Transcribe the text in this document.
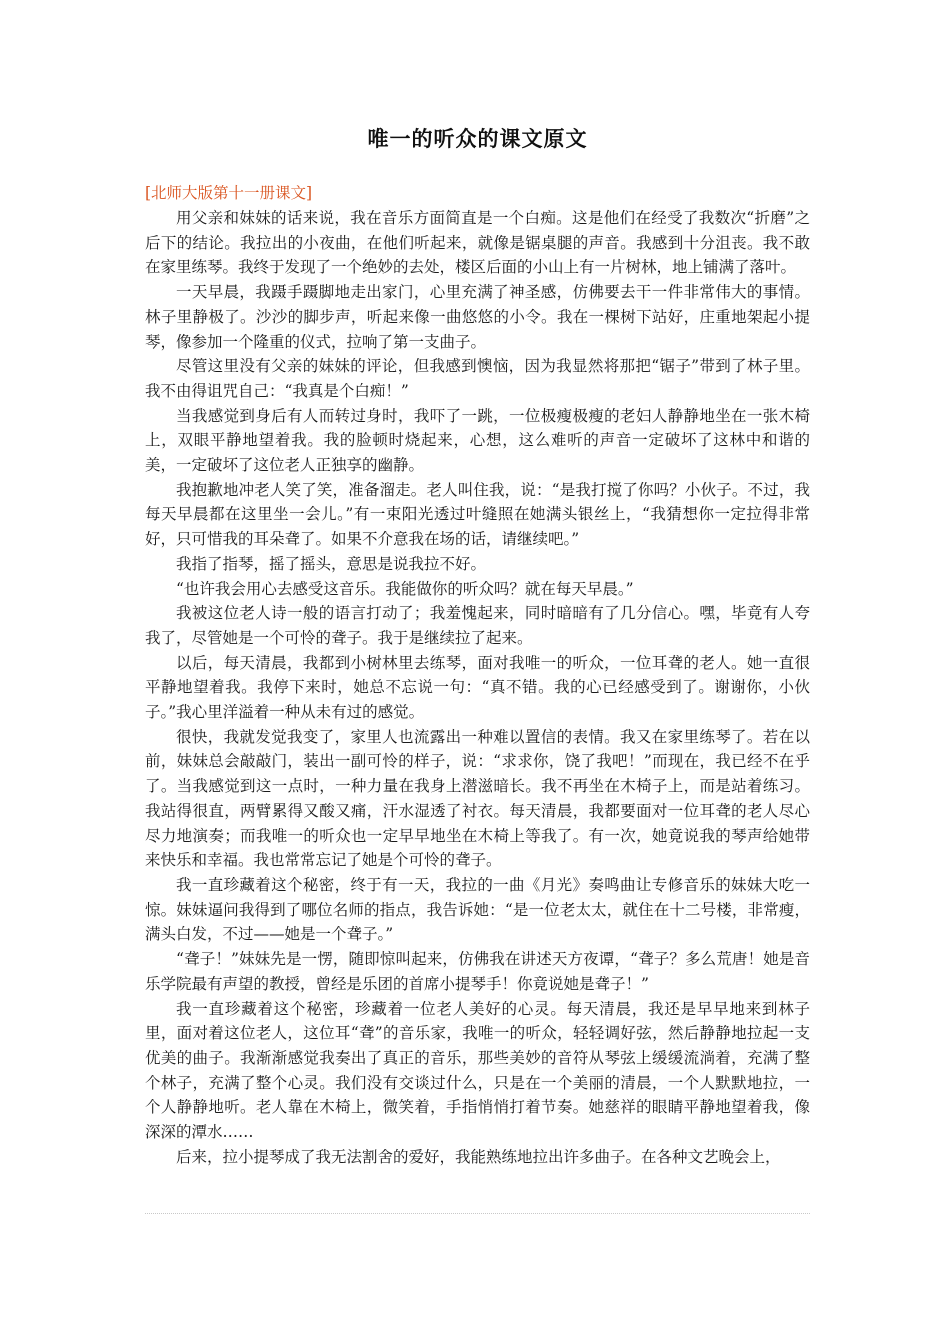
唯一的听众的课文原文

[北师大版第十一册课文]

用父亲和妹妹的话来说，我在音乐方面简直是一个白痴。这是他们在经受了我数次“折磨”之后下的结论。我拉出的小夜曲，在他们听起来，就像是锯桌腿的声音。我感到十分沮丧。我不敢在家里练琴。我终于发现了一个绝妙的去处，楼区后面的小山上有一片树林，地上铺满了落叶。

一天早晨，我蹑手蹑脚地走出家门，心里充满了神圣感，仿佛要去干一件非常伟大的事情。林子里静极了。沙沙的脚步声，听起来像一曲悠悠的小令。我在一棵树下站好，庄重地架起小提琴，像参加一个隆重的仪式，拉响了第一支曲子。

尽管这里没有父亲的妹妹的评论，但我感到懊恼，因为我显然将那把“锯子”带到了林子里。我不由得诅咒自己：“我真是个白痴！”

当我感觉到身后有人而转过身时，我吓了一跳，一位极瘦极瘦的老妇人静静地坐在一张木椅上，双眼平静地望着我。我的脸顿时烧起来，心想，这么难听的声音一定破坏了这林中和谐的美，一定破坏了这位老人正独享的幽静。

我抱歉地冲老人笑了笑，准备溜走。老人叫住我，说：“是我打搅了你吗？小伙子。不过，我每天早晨都在这里坐一会儿。”有一束阳光透过叶缝照在她满头银丝上，“我猜想你一定拉得非常好，只可惜我的耳朵聋了。如果不介意我在场的话，请继续吧。”

我指了指琴，摇了摇头，意思是说我拉不好。

“也许我会用心去感受这音乐。我能做你的听众吗？就在每天早晨。”

我被这位老人诗一般的语言打动了；我羞愧起来，同时暗暗有了几分信心。嘿，毕竟有人夸我了，尽管她是一个可怜的聋子。我于是继续拉了起来。

以后，每天清晨，我都到小树林里去练琴，面对我唯一的听众，一位耳聋的老人。她一直很平静地望着我。我停下来时，她总不忘说一句：“真不错。我的心已经感受到了。谢谢你，小伙子。”我心里洋溢着一种从未有过的感觉。

很快，我就发觉我变了，家里人也流露出一种难以置信的表情。我又在家里练琴了。若在以前，妹妹总会敲敲门，装出一副可怜的样子，说：“求求你，饶了我吧！”而现在，我已经不在乎了。当我感觉到这一点时，一种力量在我身上潜滋暗长。我不再坐在木椅子上，而是站着练习。我站得很直，两臂累得又酸又痛，汗水湿透了衬衣。每天清晨，我都要面对一位耳聋的老人尽心尽力地演奏；而我唯一的听众也一定早早地坐在木椅上等我了。有一次，她竟说我的琴声给她带来快乐和幸福。我也常常忘记了她是个可怜的聋子。

我一直珍藏着这个秘密，终于有一天，我拉的一曲《月光》奏鸣曲让专修音乐的妹妹大吃一惊。妹妹逼问我得到了哪位名师的指点，我告诉她：“是一位老太太，就住在十二号楼，非常瘦，满头白发，不过——她是一个聋子。”

“聋子！”妹妹先是一愣，随即惊叫起来，仿佛我在讲述天方夜谭，“聋子？多么荒唐！她是音乐学院最有声望的教授，曾经是乐团的首席小提琴手！你竟说她是聋子！”

我一直珍藏着这个秘密，珍藏着一位老人美好的心灵。每天清晨，我还是早早地来到林子里，面对着这位老人，这位耳“聋”的音乐家，我唯一的听众，轻轻调好弦，然后静静地拉起一支优美的曲子。我渐渐感觉我奏出了真正的音乐，那些美妙的音符从琴弦上缓缓流淌着，充满了整个林子，充满了整个心灵。我们没有交谈过什么，只是在一个美丽的清晨，一个人默默地拉，一个人静静地听。老人靠在木椅上，微笑着，手指悄悄打着节奏。她慈祥的眼睛平静地望着我，像深深的潭水……

后来，拉小提琴成了我无法割舍的爱好，我能熟练地拉出许多曲子。在各种文艺晚会上，
